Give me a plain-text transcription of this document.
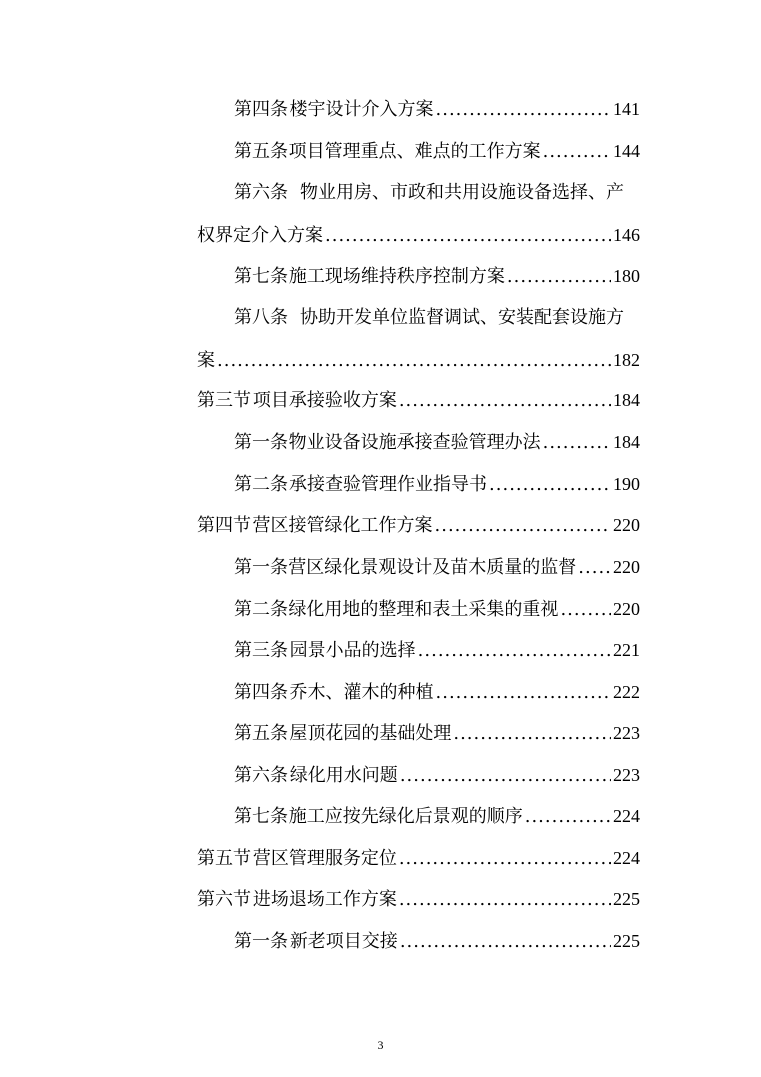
第四条 楼宇设计介入方案 .....	141
第五条 项目管理重点、难点的工作方案 .....	144
第六条 物业用房、市政和共用设施设备选择、产
权界定介入方案 .....	146
第七条 施工现场维持秩序控制方案 .....	180
第八条 协助开发单位监督调试、安装配套设施方
案 .....	182
第三节 项目承接验收方案 .....	184
第一条 物业设备设施承接查验管理办法 .....	184
第二条 承接查验管理作业指导书 .....	190
第四节 营区接管绿化工作方案 .....	220
第一条 营区绿化景观设计及苗木质量的监督 ..... 220
第二条 绿化用地的整理和表土采集的重视 .....	220
第三条 园景小品的选择 .....	221
第四条 乔木、灌木的种植 .....	222
第五条 屋顶花园的基础处理 .....	223
第六条 绿化用水问题 .....	223
第七条 施工应按先绿化后景观的顺序 .....	224
第五节 营区管理服务定位 .....	224
第六节 进场退场工作方案 .....	225
第一条 新老项目交接 .....	225
3
